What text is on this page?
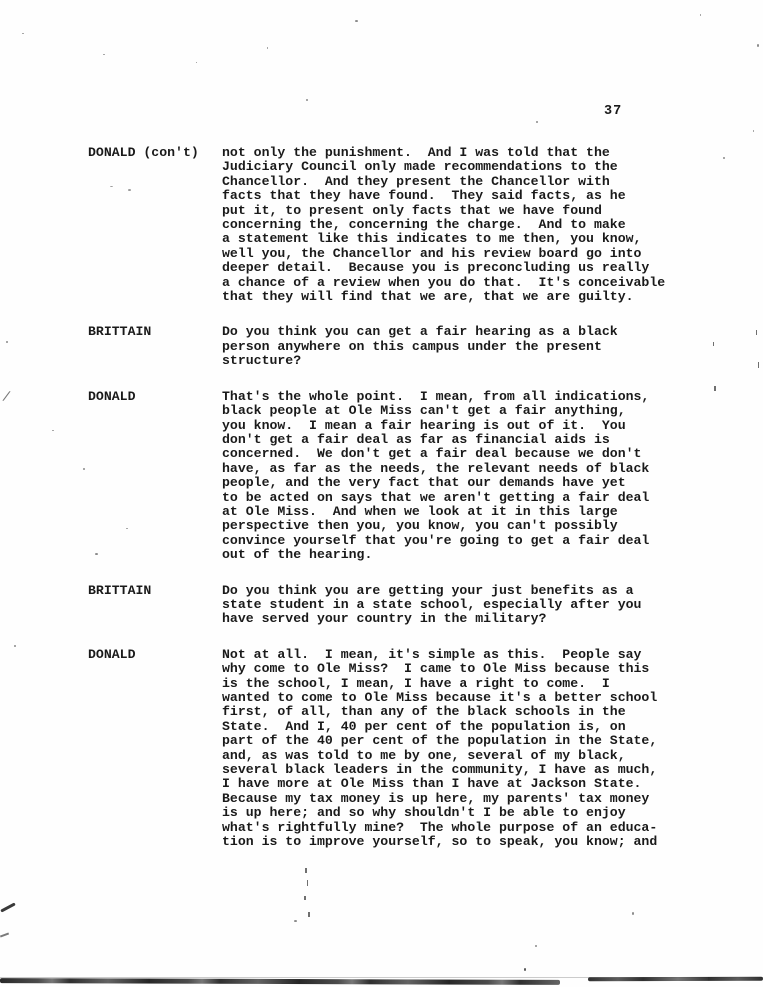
37
DONALD (con't)	not only the punishment.  And I was told that the
Judiciary Council only made recommendations to the
Chancellor.  And they present the Chancellor with
facts that they have found.  They said facts, as he
put it, to present only facts that we have found
concerning the, concerning the charge.  And to make
a statement like this indicates to me then, you know,
well you, the Chancellor and his review board go into
deeper detail.  Because you is preconcluding us really
a chance of a review when you do that.  It's conceivable
that they will find that we are, that we are guilty.
BRITTAIN	Do you think you can get a fair hearing as a black
person anywhere on this campus under the present
structure?
DONALD	That's the whole point.  I mean, from all indications,
black people at Ole Miss can't get a fair anything,
you know.  I mean a fair hearing is out of it.  You
don't get a fair deal as far as financial aids is
concerned.  We don't get a fair deal because we don't
have, as far as the needs, the relevant needs of black
people, and the very fact that our demands have yet
to be acted on says that we aren't getting a fair deal
at Ole Miss.  And when we look at it in this large
perspective then you, you know, you can't possibly
convince yourself that you're going to get a fair deal
out of the hearing.
BRITTAIN	Do you think you are getting your just benefits as a
state student in a state school, especially after you
have served your country in the military?
DONALD	Not at all.  I mean, it's simple as this.  People say
why come to Ole Miss?  I came to Ole Miss because this
is the school, I mean, I have a right to come.  I
wanted to come to Ole Miss because it's a better school
first, of all, than any of the black schools in the
State.  And I, 40 per cent of the population is, on
part of the 40 per cent of the population in the State,
and, as was told to me by one, several of my black,
several black leaders in the community, I have as much,
I have more at Ole Miss than I have at Jackson State.
Because my tax money is up here, my parents' tax money
is up here; and so why shouldn't I be able to enjoy
what's rightfully mine?  The whole purpose of an educa-
tion is to improve yourself, so to speak, you know; and
/
